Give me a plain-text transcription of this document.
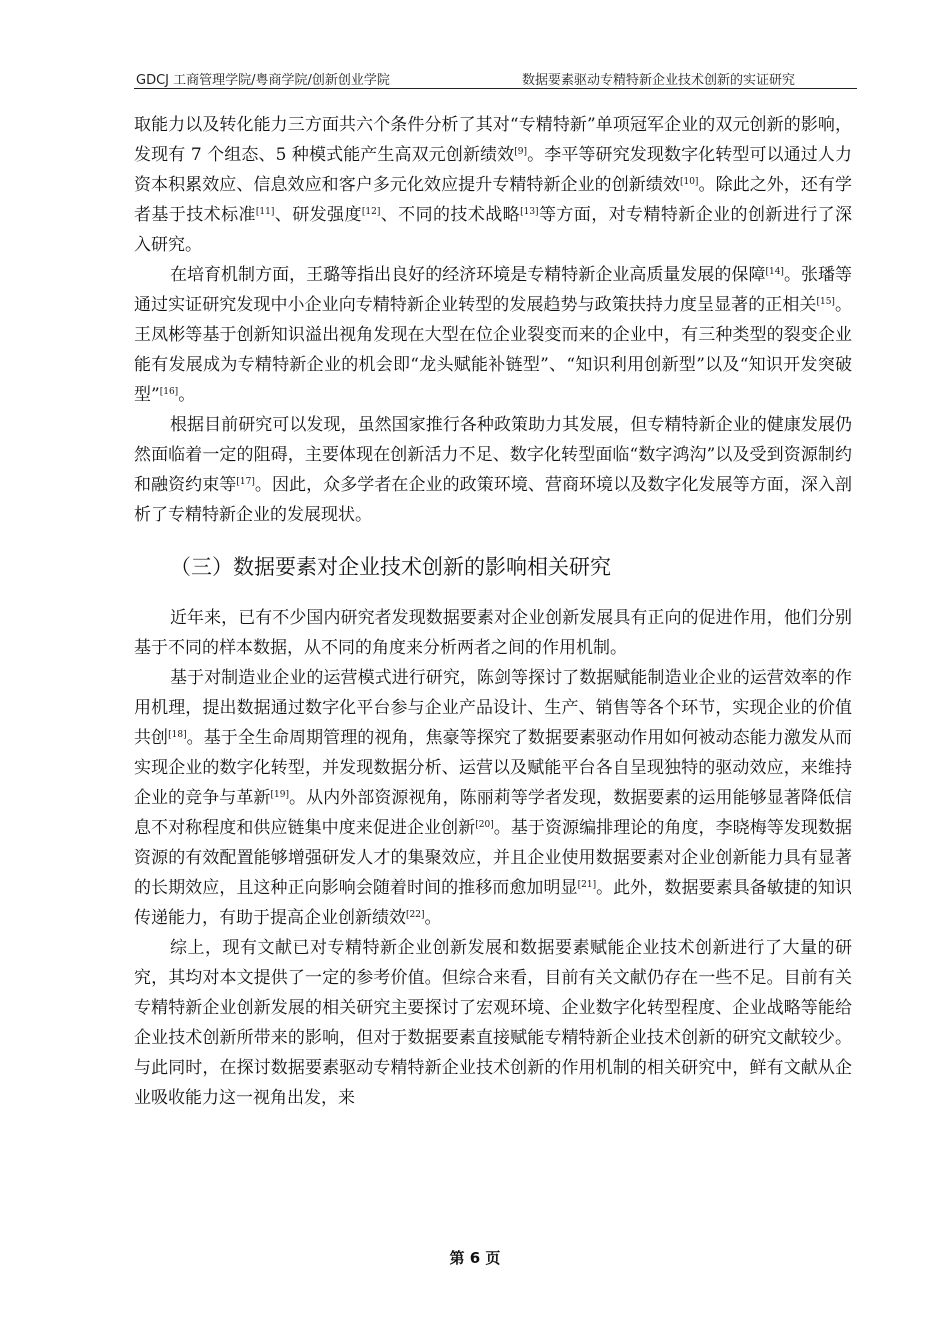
GDCJ 工商管理学院/粤商学院/创新创业学院	数据要素驱动专精特新企业技术创新的实证研究

取能力以及转化能力三方面共六个条件分析了其对“专精特新”单项冠军企业的双元创新的影响，发现有 7 个组态、5 种模式能产生高双元创新绩效[9]。李平等研究发现数字化转型可以通过人力资本积累效应、信息效应和客户多元化效应提升专精特新企业的创新绩效[10]。除此之外，还有学者基于技术标准[11]、研发强度[12]、不同的技术战略[13]等方面，对专精特新企业的创新进行了深入研究。

在培育机制方面，王璐等指出良好的经济环境是专精特新企业高质量发展的保障[14]。张璠等通过实证研究发现中小企业向专精特新企业转型的发展趋势与政策扶持力度呈显著的正相关[15]。王凤彬等基于创新知识溢出视角发现在大型在位企业裂变而来的企业中，有三种类型的裂变企业能有发展成为专精特新企业的机会即“龙头赋能补链型”、“知识利用创新型”以及“知识开发突破型”[16]。

根据目前研究可以发现，虽然国家推行各种政策助力其发展，但专精特新企业的健康发展仍然面临着一定的阻碍，主要体现在创新活力不足、数字化转型面临“数字鸿沟”以及受到资源制约和融资约束等[17]。因此，众多学者在企业的政策环境、营商环境以及数字化发展等方面，深入剖析了专精特新企业的发展现状。

（三）数据要素对企业技术创新的影响相关研究

近年来，已有不少国内研究者发现数据要素对企业创新发展具有正向的促进作用，他们分别基于不同的样本数据，从不同的角度来分析两者之间的作用机制。

基于对制造业企业的运营模式进行研究，陈剑等探讨了数据赋能制造业企业的运营效率的作用机理，提出数据通过数字化平台参与企业产品设计、生产、销售等各个环节，实现企业的价值共创[18]。基于全生命周期管理的视角，焦豪等探究了数据要素驱动作用如何被动态能力激发从而实现企业的数字化转型，并发现数据分析、运营以及赋能平台各自呈现独特的驱动效应，来维持企业的竞争与革新[19]。从内外部资源视角，陈丽莉等学者发现，数据要素的运用能够显著降低信息不对称程度和供应链集中度来促进企业创新[20]。基于资源编排理论的角度，李晓梅等发现数据资源的有效配置能够增强研发人才的集聚效应，并且企业使用数据要素对企业创新能力具有显著的长期效应，且这种正向影响会随着时间的推移而愈加明显[21]。此外，数据要素具备敏捷的知识传递能力，有助于提高企业创新绩效[22]。

综上，现有文献已对专精特新企业创新发展和数据要素赋能企业技术创新进行了大量的研究，其均对本文提供了一定的参考价值。但综合来看，目前有关文献仍存在一些不足。目前有关专精特新企业创新发展的相关研究主要探讨了宏观环境、企业数字化转型程度、企业战略等能给企业技术创新所带来的影响，但对于数据要素直接赋能专精特新企业技术创新的研究文献较少。与此同时，在探讨数据要素驱动专精特新企业技术创新的作用机制的相关研究中，鲜有文献从企业吸收能力这一视角出发，来

第 6 页
